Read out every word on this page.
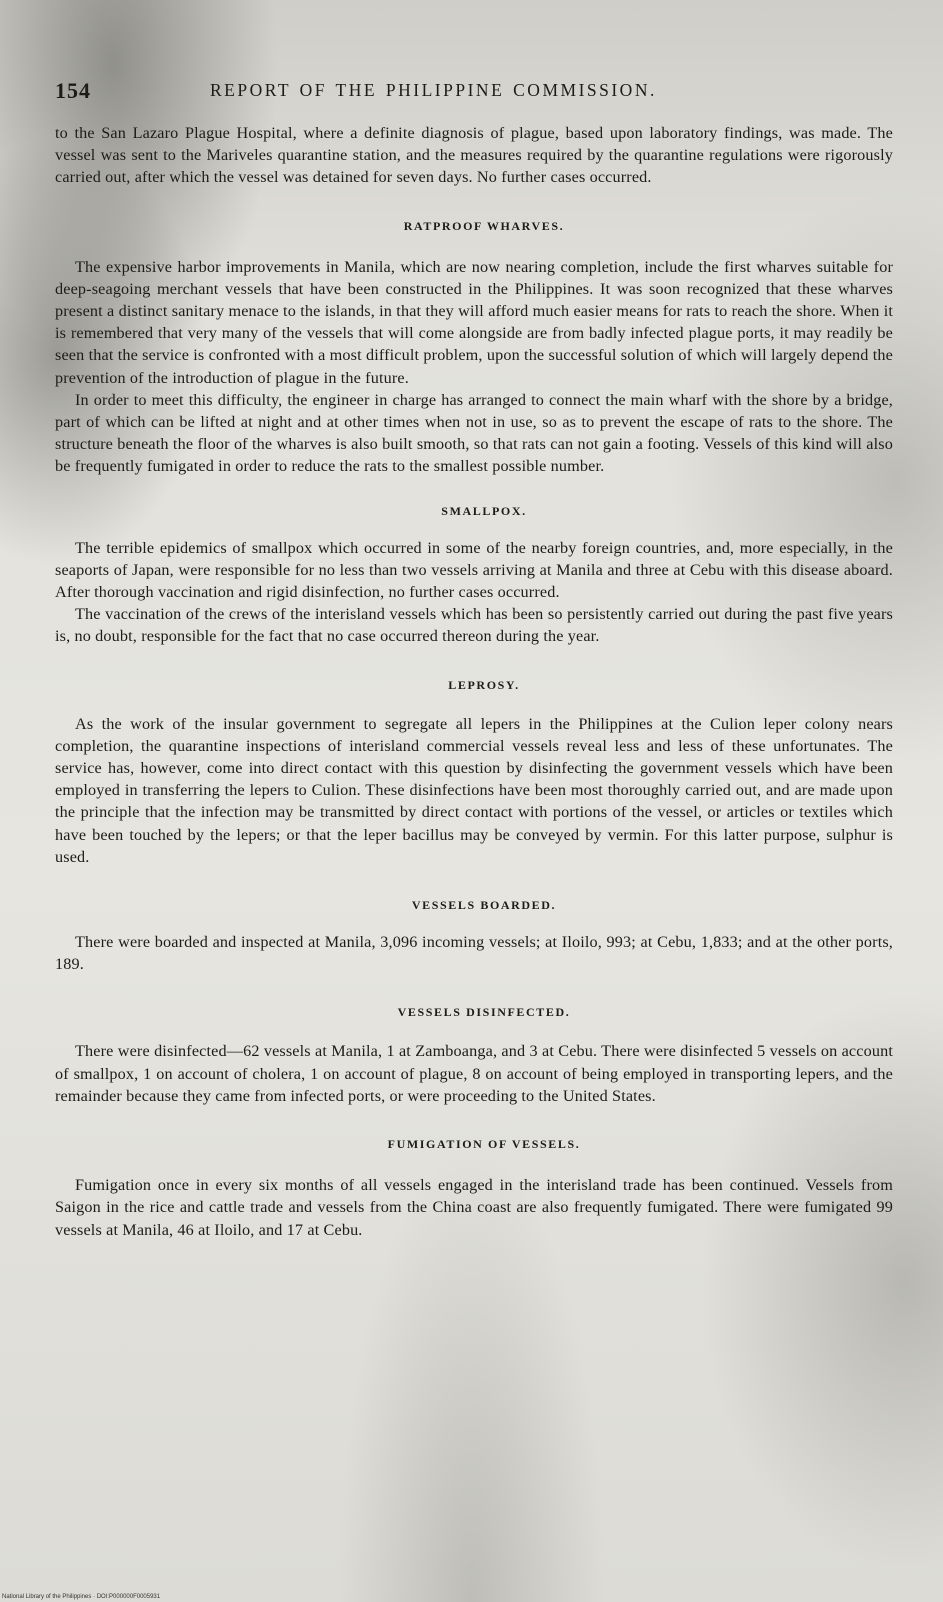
154	REPORT OF THE PHILIPPINE COMMISSION.

to the San Lazaro Plague Hospital, where a definite diagnosis of plague, based upon laboratory findings, was made. The vessel was sent to the Mariveles quarantine station, and the measures required by the quarantine regulations were rigorously carried out, after which the vessel was detained for seven days. No further cases occurred.

RATPROOF WHARVES.

The expensive harbor improvements in Manila, which are now nearing completion, include the first wharves suitable for deep-seagoing merchant vessels that have been constructed in the Philippines. It was soon recognized that these wharves present a distinct sanitary menace to the islands, in that they will afford much easier means for rats to reach the shore. When it is remembered that very many of the vessels that will come alongside are from badly infected plague ports, it may readily be seen that the service is confronted with a most difficult problem, upon the successful solution of which will largely depend the prevention of the introduction of plague in the future.

In order to meet this difficulty, the engineer in charge has arranged to connect the main wharf with the shore by a bridge, part of which can be lifted at night and at other times when not in use, so as to prevent the escape of rats to the shore. The structure beneath the floor of the wharves is also built smooth, so that rats can not gain a footing. Vessels of this kind will also be frequently fumigated in order to reduce the rats to the smallest possible number.

SMALLPOX.

The terrible epidemics of smallpox which occurred in some of the nearby foreign countries, and, more especially, in the seaports of Japan, were responsible for no less than two vessels arriving at Manila and three at Cebu with this disease aboard. After thorough vaccination and rigid disinfection, no further cases occurred.

The vaccination of the crews of the interisland vessels which has been so persistently carried out during the past five years is, no doubt, responsible for the fact that no case occurred thereon during the year.

LEPROSY.

As the work of the insular government to segregate all lepers in the Philippines at the Culion leper colony nears completion, the quarantine inspections of interisland commercial vessels reveal less and less of these unfortunates. The service has, however, come into direct contact with this question by disinfecting the government vessels which have been employed in transferring the lepers to Culion. These disinfections have been most thoroughly carried out, and are made upon the principle that the infection may be transmitted by direct contact with portions of the vessel, or articles or textiles which have been touched by the lepers; or that the leper bacillus may be conveyed by vermin. For this latter purpose, sulphur is used.

VESSELS BOARDED.

There were boarded and inspected at Manila, 3,096 incoming vessels; at Iloilo, 993; at Cebu, 1,833; and at the other ports, 189.

VESSELS DISINFECTED.

There were disinfected—62 vessels at Manila, 1 at Zamboanga, and 3 at Cebu. There were disinfected 5 vessels on account of smallpox, 1 on account of cholera, 1 on account of plague, 8 on account of being employed in transporting lepers, and the remainder because they came from infected ports, or were proceeding to the United States.

FUMIGATION OF VESSELS.

Fumigation once in every six months of all vessels engaged in the interisland trade has been continued. Vessels from Saigon in the rice and cattle trade and vessels from the China coast are also frequently fumigated. There were fumigated 99 vessels at Manila, 46 at Iloilo, and 17 at Cebu.

National Library of the Philippines · DOI:P000000F0005931
